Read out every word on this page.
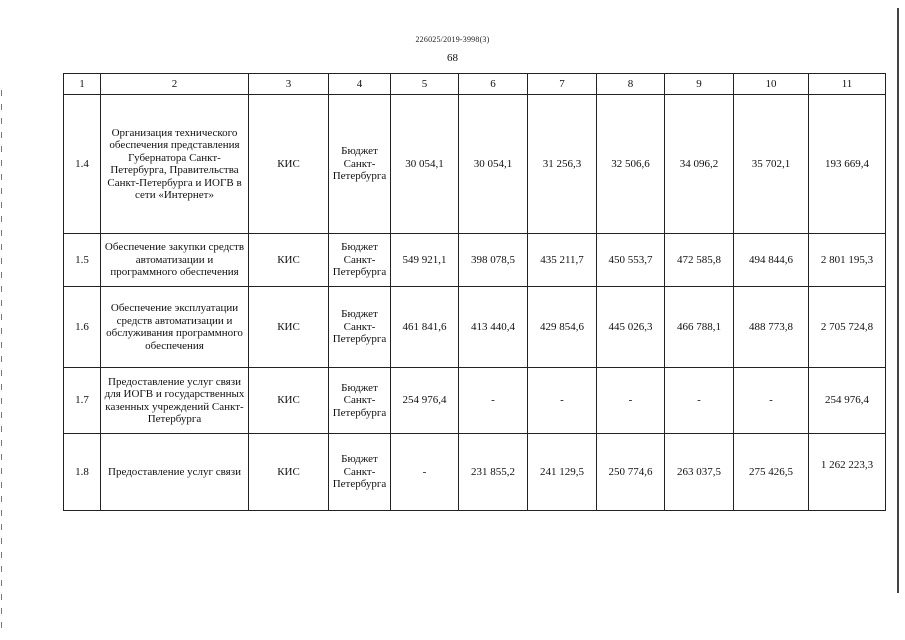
226025/2019-3998(3)
68
1	2	3	4	5	6	7	8	9	10	11
1.4	Организация технического обеспечения представления Губернатора Санкт-Петербурга, Правительства Санкт-Петербурга и ИОГВ в сети «Интернет»	КИС	Бюджет Санкт-Петербурга	30 054,1	30 054,1	31 256,3	32 506,6	34 096,2	35 702,1	193 669,4
1.5	Обеспечение закупки средств автоматизации и программного обеспечения	КИС	Бюджет Санкт-Петербурга	549 921,1	398 078,5	435 211,7	450 553,7	472 585,8	494 844,6	2 801 195,3
1.6	Обеспечение эксплуатации средств автоматизации и обслуживания программного обеспечения	КИС	Бюджет Санкт-Петербурга	461 841,6	413 440,4	429 854,6	445 026,3	466 788,1	488 773,8	2 705 724,8
1.7	Предоставление услуг связи для ИОГВ и государственных казенных учреждений Санкт-Петербурга	КИС	Бюджет Санкт-Петербурга	254 976,4	-	-	-	-	-	254 976,4
1.8	Предоставление услуг связи	КИС	Бюджет Санкт-Петербурга	-	231 855,2	241 129,5	250 774,6	263 037,5	275 426,5	1 262 223,3
